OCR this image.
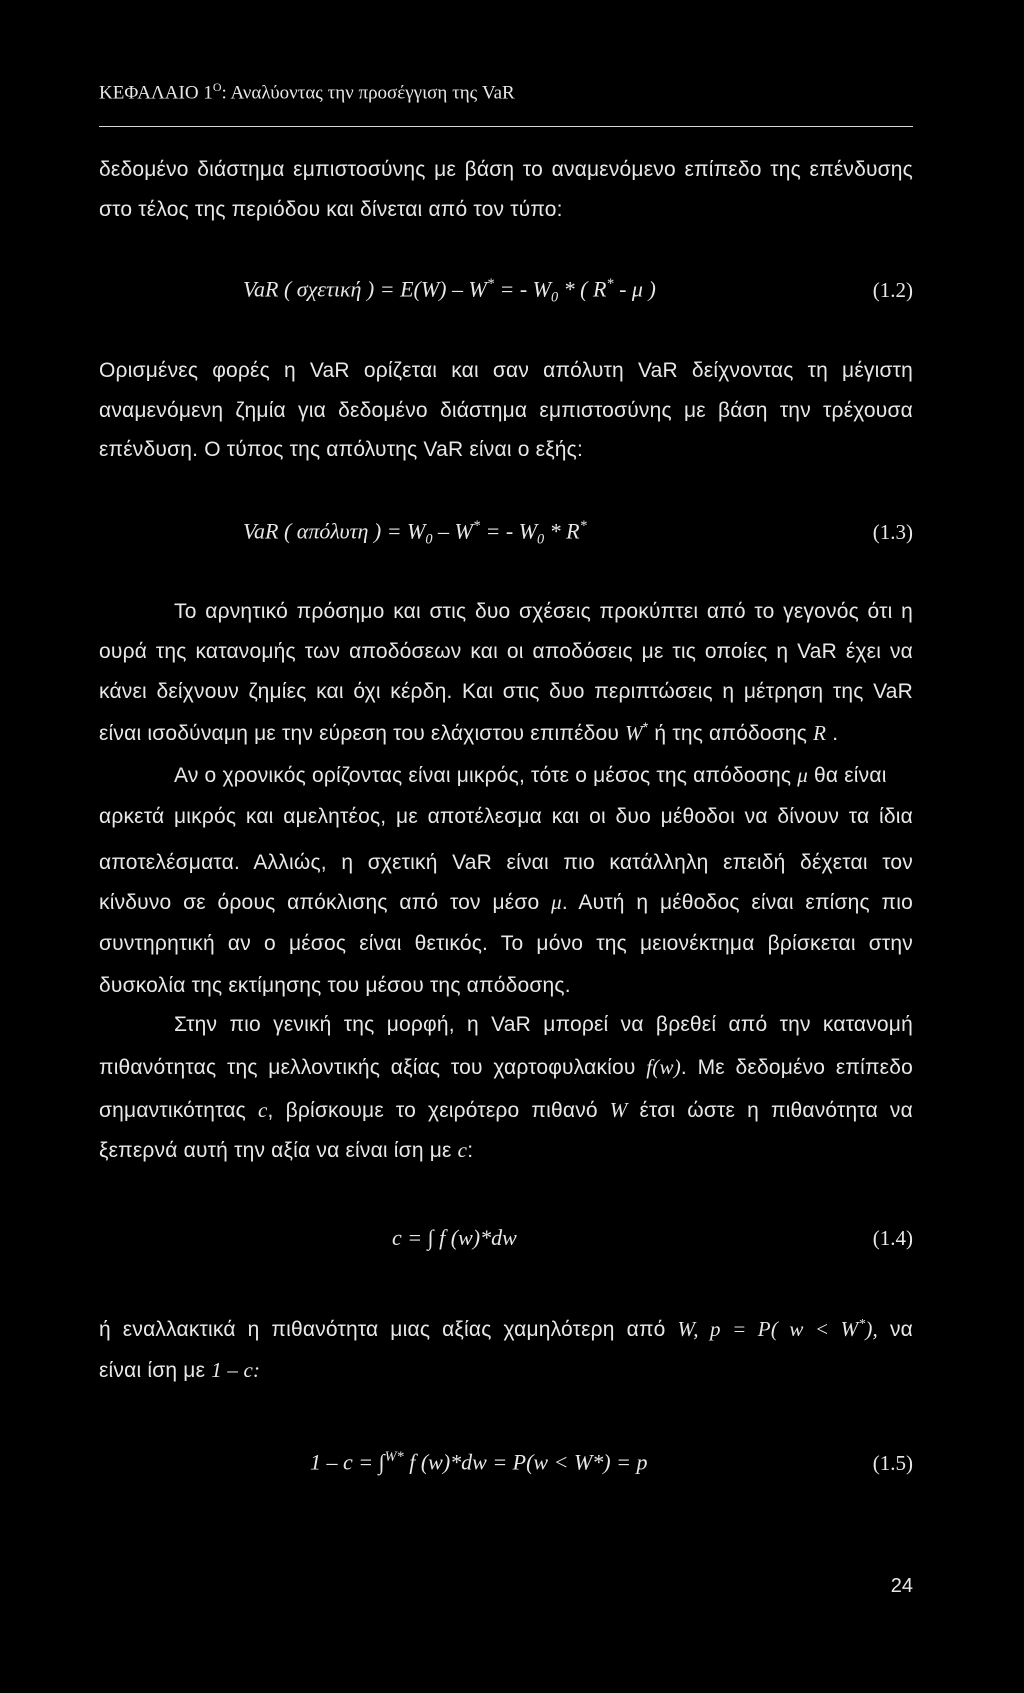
ΚΕΦΑΛΑΙΟ $1^O$: Αναλύοντας την προσέγγιση της VaR
δεδομένο διάστημα εμπιστοσύνης με βάση το αναμενόμενο επίπεδο της επένδυσης
στο τέλος της περιόδου και δίνεται από τον τύπο:
VaR ( σχετική ) = E(W) – W* = - $W_0$ * ( R* - μ )	(1.2)
Ορισμένες φορές η VaR ορίζεται και σαν απόλυτη VaR δείχνοντας τη μέγιστη
αναμενόμενη ζημία για δεδομένο διάστημα εμπιστοσύνης με βάση την τρέχουσα
επένδυση. Ο τύπος της απόλυτης VaR είναι ο εξής:
VaR ( απόλυτη ) = $W_0 - W^*$ = - $W_0 * R^*$	(1.3)
Το αρνητικό πρόσημο και στις δυο σχέσεις προκύπτει από το γεγονός ότι η
ουρά της κατανομής των αποδόσεων και οι αποδόσεις με τις οποίες η VaR έχει να
κάνει δείχνουν ζημίες και όχι κέρδη. Και στις δυο περιπτώσεις η μέτρηση της VaR
είναι ισοδύναμη με την εύρεση του ελάχιστου επιπέδου W* ή της απόδοσης R .
Αν ο χρονικός ορίζοντας είναι μικρός, τότε ο μέσος της απόδοσης μ θα είναι
αρκετά μικρός και αμελητέος, με αποτέλεσμα και οι δυο μέθοδοι να δίνουν τα ίδια
αποτελέσματα. Αλλιώς, η σχετική VaR είναι πιο κατάλληλη επειδή δέχεται τον
κίνδυνο σε όρους απόκλισης από τον μέσο μ. Αυτή η μέθοδος είναι επίσης πιο
συντηρητική αν ο μέσος είναι θετικός. Το μόνο της μειονέκτημα βρίσκεται στην
δυσκολία της εκτίμησης του μέσου της απόδοσης.
Στην πιο γενική της μορφή, η VaR μπορεί να βρεθεί από την κατανομή
πιθανότητας της μελλοντικής αξίας του χαρτοφυλακίου f(w). Με δεδομένο επίπεδο
σημαντικότητας c, βρίσκουμε το χειρότερο πιθανό W έτσι ώστε η πιθανότητα να
ξεπερνά αυτή την αξία να είναι ίση με c:
c = ∫ f (w)*dw	(1.4)
ή εναλλακτικά η πιθανότητα μιας αξίας χαμηλότερη από W, p = P( w < W*), να
είναι ίση με 1 – c:
1 – c = ∫$^{W*}$ f (w)*dw = P(w < W*) = p	(1.5)
24
